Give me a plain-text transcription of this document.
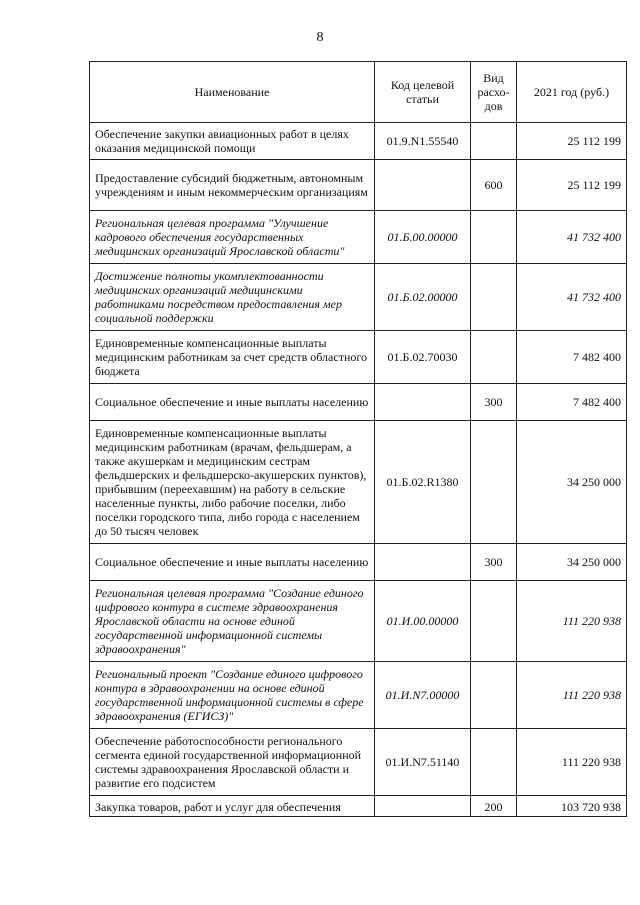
8
Наименование	Код целевой статьи	Вид расхо-дов	2021 год (руб.)
Обеспечение закупки авиационных работ в целях оказания медицинской помощи	01.9.N1.55540		25 112 199
Предоставление субсидий бюджетным, автономным учреждениям и иным некоммерческим организациям		600	25 112 199
Региональная целевая программа "Улучшение кадрового обеспечения государственных медицинских организаций Ярославской области"	01.Б.00.00000		41 732 400
Достижение полноты укомплектованности медицинских организаций медицинскими работниками посредством предоставления мер социальной поддержки	01.Б.02.00000		41 732 400
Единовременные компенсационные выплаты медицинским работникам за счет средств областного бюджета	01.Б.02.70030		7 482 400
Социальное обеспечение и иные выплаты населению		300	7 482 400
Единовременные компенсационные выплаты медицинским работникам (врачам, фельдшерам, а также акушеркам и медицинским сестрам фельдшерских и фельдшерско-акушерских пунктов), прибывшим (переехавшим) на работу в сельские населенные пункты, либо рабочие поселки, либо поселки городского типа, либо города с населением до 50 тысяч человек	01.Б.02.R1380		34 250 000
Социальное обеспечение и иные выплаты населению		300	34 250 000
Региональная целевая программа "Создание единого цифрового контура в системе здравоохранения Ярославской области на основе единой государственной информационной системы здравоохранения"	01.И.00.00000		111 220 938
Региональный проект "Создание единого цифрового контура в здравоохранении на основе единой государственной информационной системы в сфере здравоохранения (ЕГИСЗ)"	01.И.N7.00000		111 220 938
Обеспечение работоспособности регионального сегмента единой государственной информационной системы здравоохранения Ярославской области и развитие его подсистем	01.И.N7.51140		111 220 938
Закупка товаров, работ и услуг для обеспечения		200	103 720 938
